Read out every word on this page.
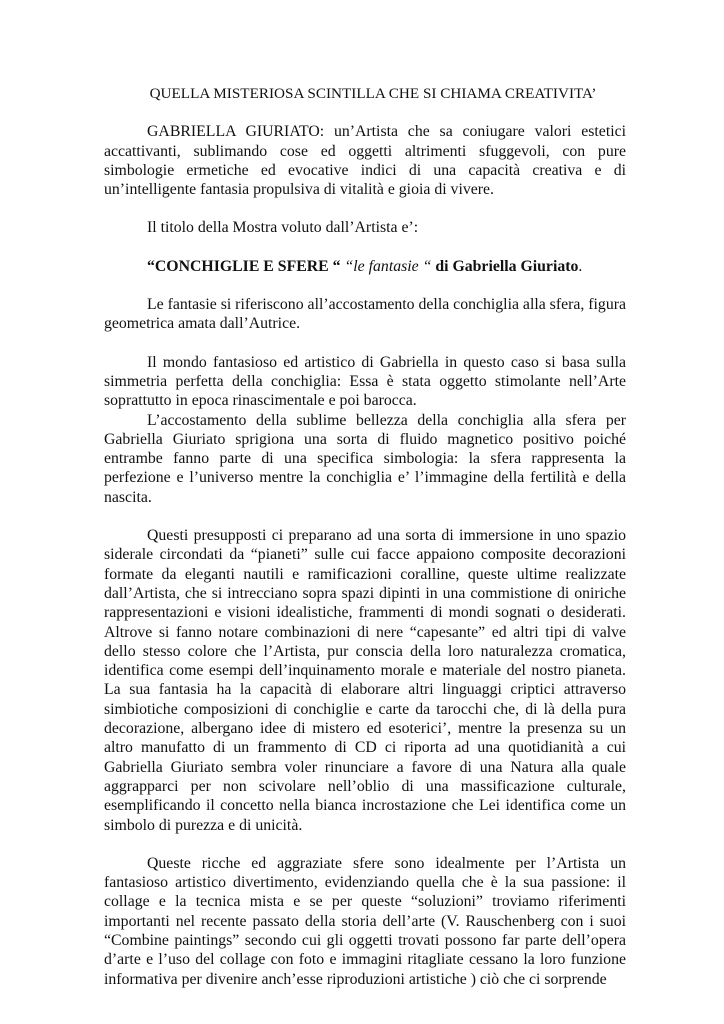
QUELLA MISTERIOSA SCINTILLA CHE SI CHIAMA CREATIVITA’

GABRIELLA GIURIATO: un’Artista che sa coniugare valori estetici accattivanti, sublimando cose ed oggetti altrimenti sfuggevoli, con pure simbologie ermetiche ed evocative indici di una capacità creativa e di un’intelligente fantasia propulsiva di vitalità e gioia di vivere.

Il titolo della Mostra voluto dall’Artista e’:

“CONCHIGLIE E SFERE “ “le fantasie “ di Gabriella Giuriato.

Le fantasie si riferiscono all’accostamento della conchiglia alla sfera, figura geometrica amata dall’Autrice.

Il mondo fantasioso ed artistico di Gabriella in questo caso si basa sulla simmetria perfetta della conchiglia: Essa è stata oggetto stimolante nell’Arte soprattutto in epoca rinascimentale e poi barocca.

L’accostamento della sublime bellezza della conchiglia alla sfera per Gabriella Giuriato sprigiona una sorta di fluido magnetico positivo poiché entrambe fanno parte di una specifica simbologia: la sfera rappresenta la perfezione e l’universo mentre la conchiglia e’ l’immagine della fertilità e della nascita.

Questi presupposti ci preparano ad una sorta di immersione in uno spazio siderale circondati da “pianeti” sulle cui facce appaiono composite decorazioni formate da eleganti nautili e ramificazioni coralline, queste ultime realizzate dall’Artista, che si intrecciano sopra spazi dipinti in una commistione di oniriche rappresentazioni e visioni idealistiche, frammenti di mondi sognati o desiderati. Altrove si fanno notare combinazioni di nere “capesante” ed altri tipi di valve dello stesso colore che l’Artista, pur conscia della loro naturalezza cromatica, identifica come esempi dell’inquinamento morale e materiale del nostro pianeta. La sua fantasia ha la capacità di elaborare altri linguaggi criptici attraverso simbiotiche composizioni di conchiglie e carte da tarocchi che, di là della pura decorazione, albergano idee di mistero ed esoterici’, mentre la presenza su un altro manufatto di un frammento di CD ci riporta ad una quotidianità a cui Gabriella Giuriato sembra voler rinunciare a favore di una Natura alla quale aggrapparci per non scivolare nell’oblio di una massificazione culturale, esemplificando il concetto nella bianca incrostazione che Lei identifica come un simbolo di purezza e di unicità.

Queste ricche ed aggraziate sfere sono idealmente per l’Artista un fantasioso artistico divertimento, evidenziando quella che è la sua passione: il collage e la tecnica mista e se per queste “soluzioni” troviamo riferimenti importanti nel recente passato della storia dell’arte (V. Rauschenberg con i suoi “Combine paintings” secondo cui gli oggetti trovati possono far parte dell’opera d’arte e l’uso del collage con foto e immagini ritagliate cessano la loro funzione informativa per divenire anch’esse riproduzioni artistiche ) ciò che ci sorprende
